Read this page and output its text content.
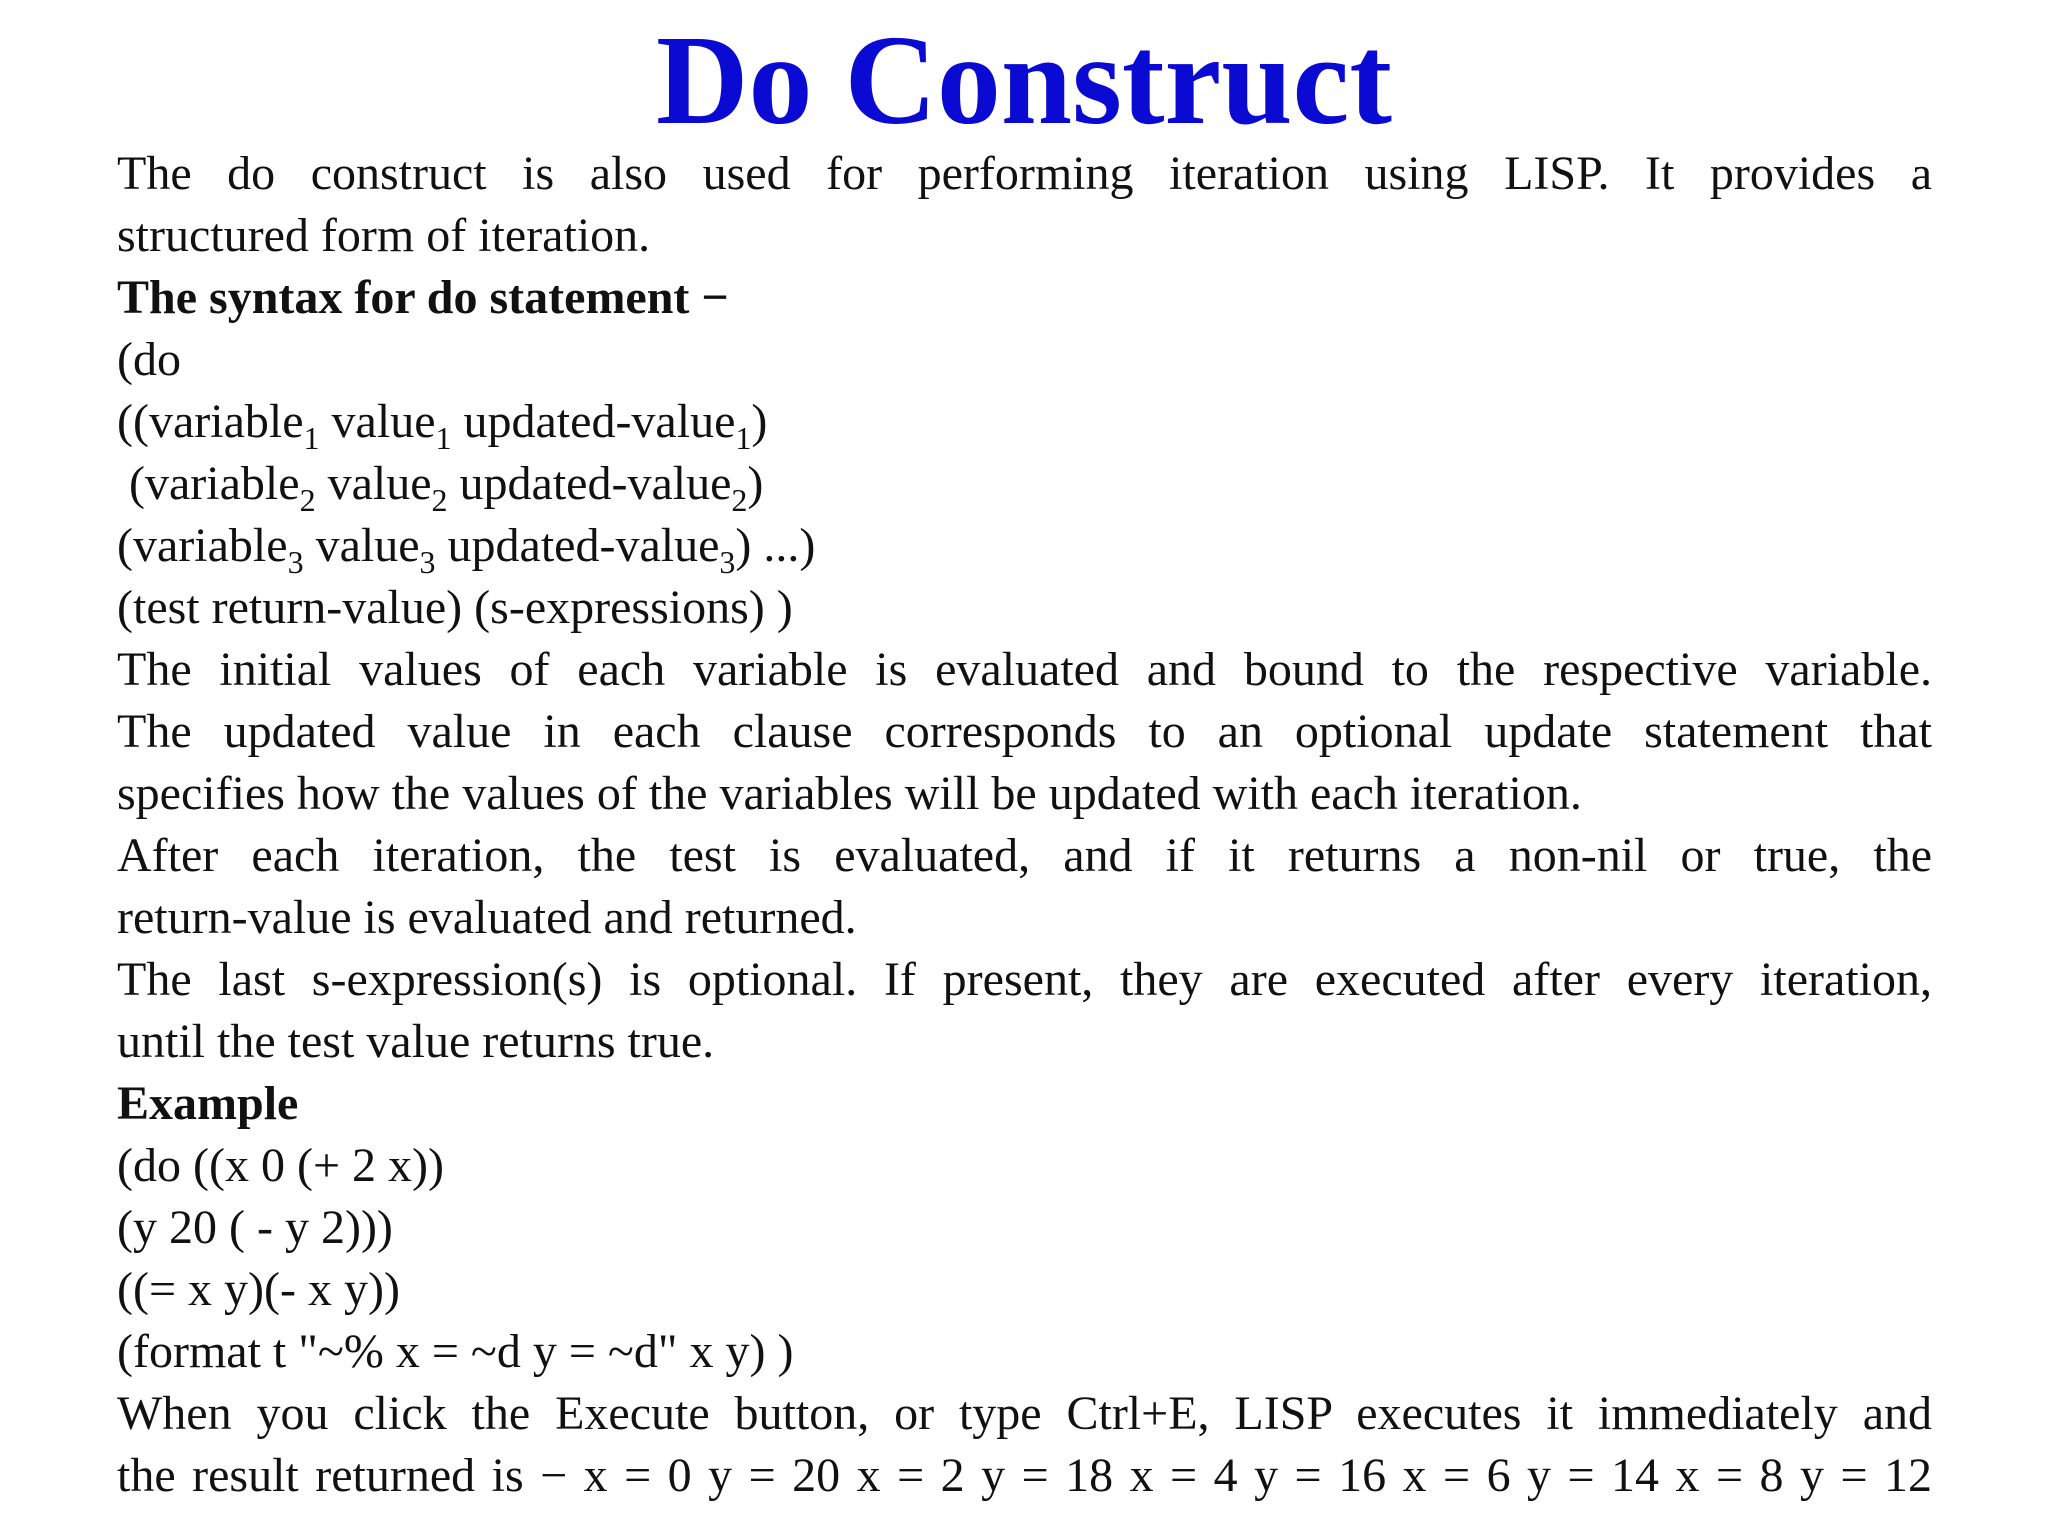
Do Construct
The do construct is also used for performing iteration using LISP. It provides a
structured form of iteration.
The syntax for do statement −
(do
((variable$_1$ value$_1$ updated-value$_1$)
(variable$_2$ value$_2$ updated-value$_2$)
(variable$_3$ value$_3$ updated-value$_3$) ...)
(test return-value) (s-expressions) )
The initial values of each variable is evaluated and bound to the respective variable.
The updated value in each clause corresponds to an optional update statement that
specifies how the values of the variables will be updated with each iteration.
After each iteration, the test is evaluated, and if it returns a non-nil or true, the
return-value is evaluated and returned.
The last s-expression(s) is optional. If present, they are executed after every iteration,
until the test value returns true.
Example
(do ((x 0 (+ 2 x))
(y 20 ( - y 2)))
((= x y)(- x y))
(format t "~% x = ~d y = ~d" x y) )
When you click the Execute button, or type Ctrl+E, LISP executes it immediately and
the result returned is − x = 0 y = 20 x = 2 y = 18 x = 4 y = 16 x = 6 y = 14 x = 8 y = 12
